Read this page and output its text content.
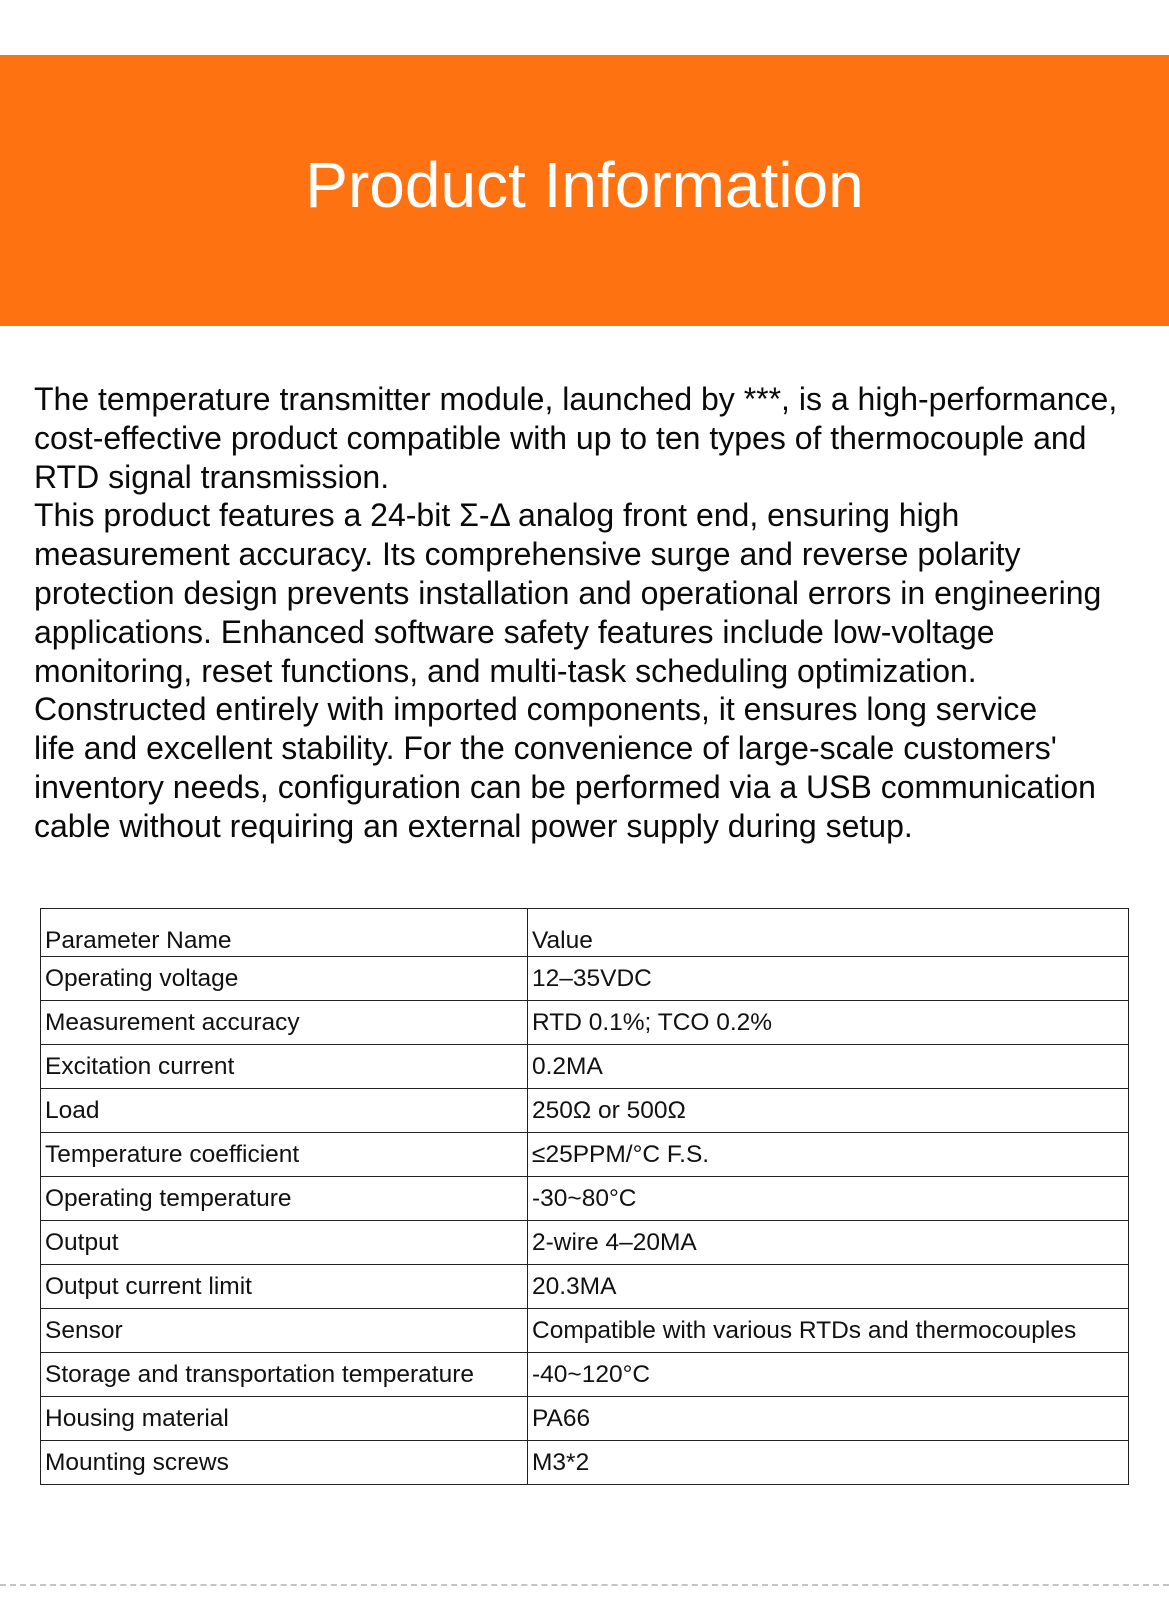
Product Information

The temperature transmitter module, launched by ***, is a high-performance,
cost-effective product compatible with up to ten types of thermocouple and
RTD signal transmission.

This product features a 24-bit Σ-Δ analog front end, ensuring high
measurement accuracy. Its comprehensive surge and reverse polarity
protection design prevents installation and operational errors in engineering
applications. Enhanced software safety features include low-voltage
monitoring, reset functions, and multi-task scheduling optimization.
Constructed entirely with imported components, it ensures long service
life and excellent stability. For the convenience of large-scale customers'
inventory needs, configuration can be performed via a USB communication
cable without requiring an external power supply during setup.

Parameter Name	Value
Operating voltage	12–35VDC
Measurement accuracy	RTD 0.1%; TCO 0.2%
Excitation current	0.2MA
Load	250Ω or 500Ω
Temperature coefficient	≤25PPM/°C F.S.
Operating temperature	-30~80°C
Output	2-wire 4–20MA
Output current limit	20.3MA
Sensor	Compatible with various RTDs and thermocouples
Storage and transportation temperature	-40~120°C
Housing material	PA66
Mounting screws	M3*2
